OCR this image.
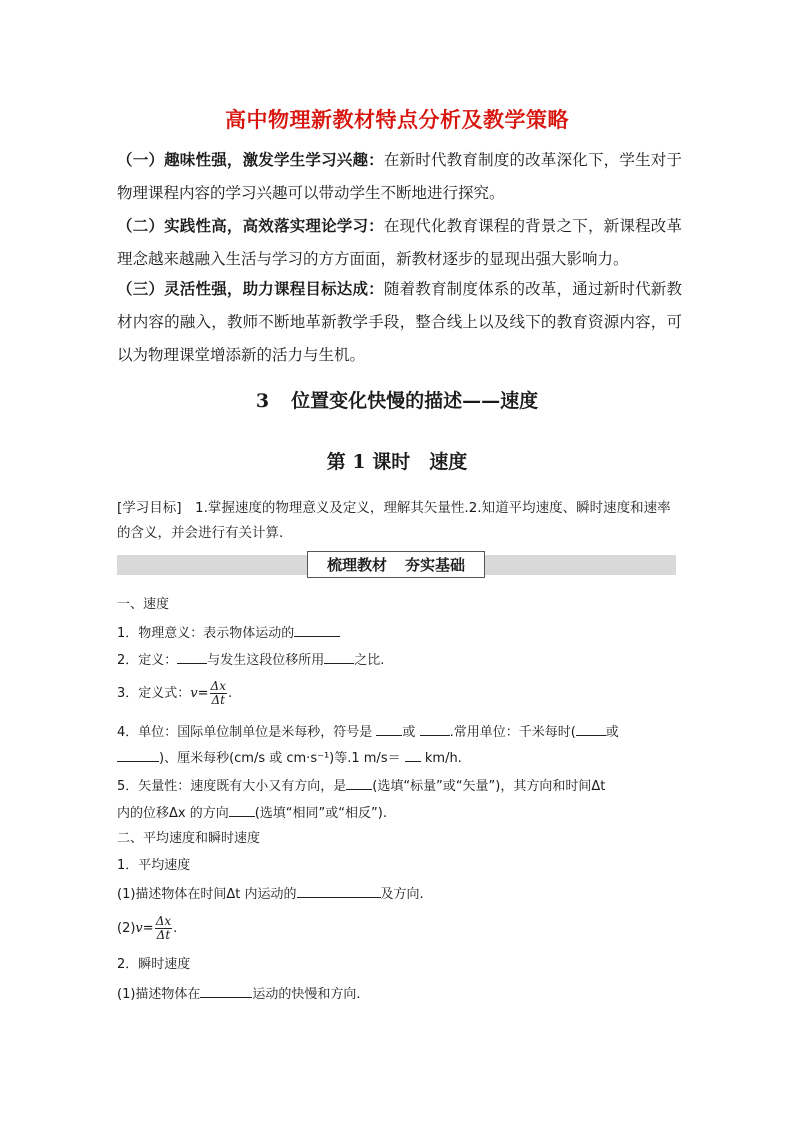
高中物理新教材特点分析及教学策略

（一）趣味性强，激发学生学习兴趣：在新时代教育制度的改革深化下，学生对于物理课程内容的学习兴趣可以带动学生不断地进行探究。

（二）实践性高，高效落实理论学习：在现代化教育课程的背景之下，新课程改革理念越来越融入生活与学习的方方面面，新教材逐步的显现出强大影响力。

（三）灵活性强，助力课程目标达成：随着教育制度体系的改革，通过新时代新教材内容的融入，教师不断地革新教学手段，整合线上以及线下的教育资源内容，可以为物理课堂增添新的活力与生机。

3 位置变化快慢的描述——速度
第 1 课时　速度

[学习目标]　 1.掌握速度的物理意义及定义，理解其矢量性.2.知道平均速度、瞬时速度和速率的含义，并会进行有关计算.

梳理教材 夯实基础
一、速度
1．物理意义：表示物体运动的
2．定义： 与发生这段位移所用 之比.
3．定义式：$v= \frac{\Delta x}{\Delta t}$ .
4．单位：国际单位制单位是米每秒，符号是 或	.常用单位：千米每时( 或
)、厘米每秒(cm/s 或 cm·s⁻¹)等.1 m/s＝ km/h.
5．矢量性：速度既有大小又有方向，是 (选填“标量”或“矢量”)，其方向和时间Δt
内的位移Δx 的方向 (选填“相同”或“相反”).
二、平均速度和瞬时速度
1．平均速度
(1)描述物体在时间Δt 内运动的	及方向.
$(2)v= \frac{\Delta x}{\Delta t}$ .
2．瞬时速度
(1)描述物体在	运动的快慢和方向.
